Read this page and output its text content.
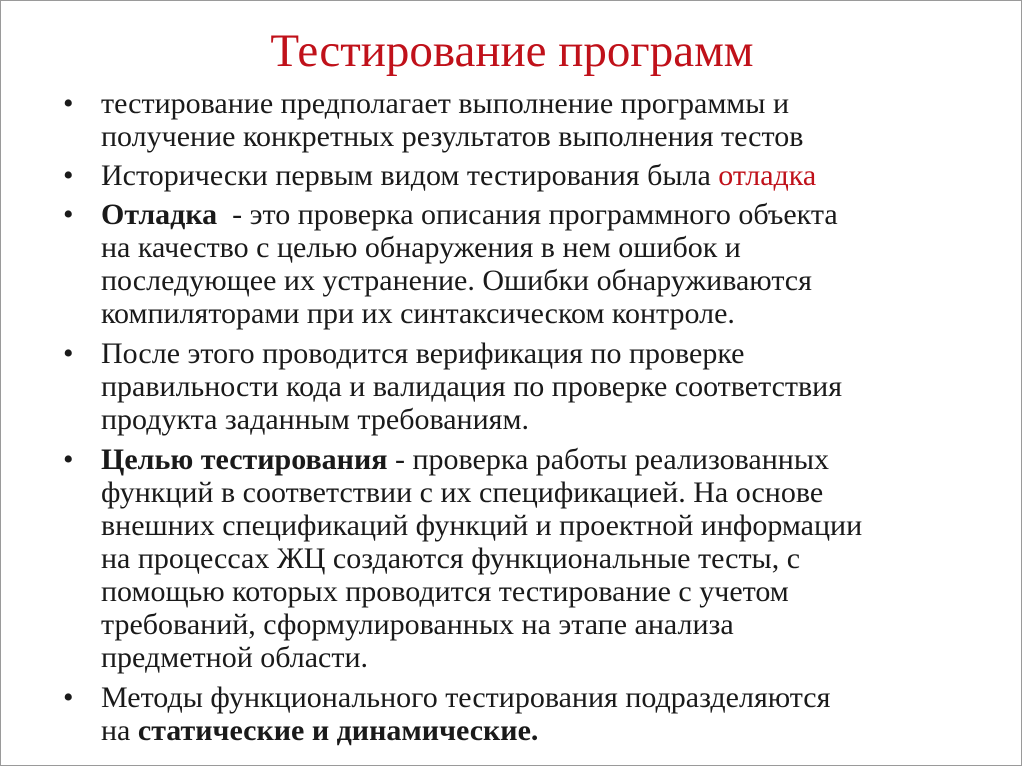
Тестирование программ
• тестирование предполагает выполнение программы и
получение конкретных результатов выполнения тестов
• Исторически первым видом тестирования была отладка
• Отладка  - это проверка описания программного объекта
на качество с целью обнаружения в нем ошибок и
последующее их устранение. Ошибки обнаруживаются
компиляторами при их синтаксическом контроле.
• После этого проводится верификация по проверке
правильности кода и валидация по проверке соответствия
продукта заданным требованиям.
• Целью тестирования - проверка работы реализованных
функций в соответствии с их спецификацией. На основе
внешних спецификаций функций и проектной информации
на процессах ЖЦ создаются функциональные тесты, с
помощью которых проводится тестирование с учетом
требований, сформулированных на этапе анализа
предметной области.
• Методы функционального тестирования подразделяются
на статические и динамические.
